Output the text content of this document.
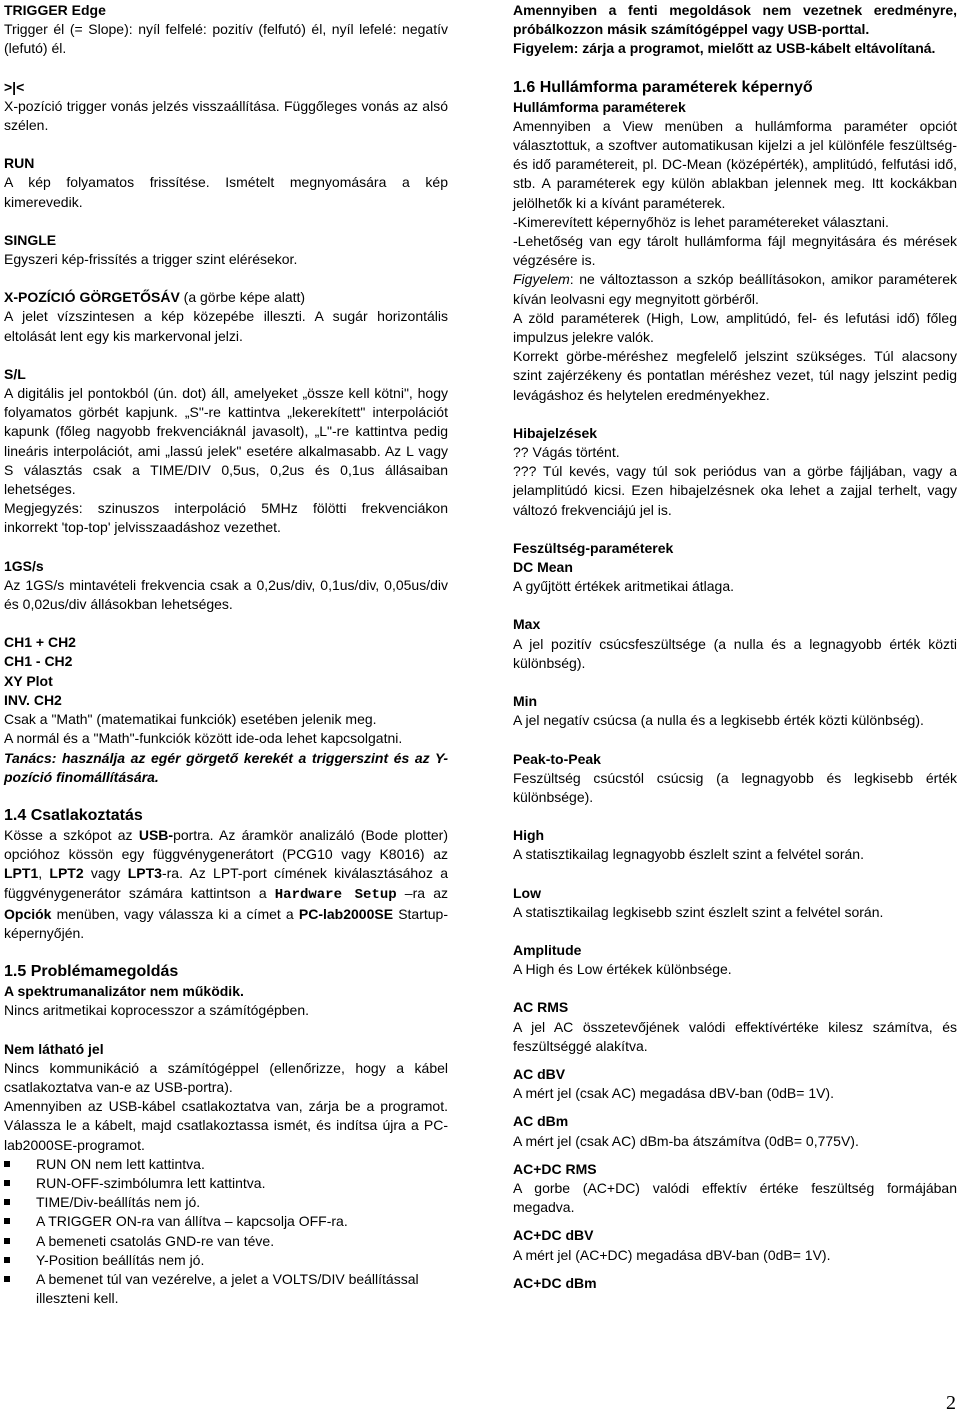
TRIGGER Edge

Trigger él (= Slope): nyíl felfelé: pozitív (felfutó) él, nyíl lefelé: negatív (lefutó) él.

>|<

X-pozíció trigger vonás jelzés visszaállítása. Függőleges vonás az alsó szélen.

RUN

A kép folyamatos frissítése. Ismételt megnyomására a kép kimerevedik.

SINGLE

Egyszeri kép-frissítés a trigger szint elérésekor.

X-POZÍCIÓ GÖRGETŐSÁV (a görbe képe alatt)

A jelet vízszintesen a kép közepébe illeszti. A sugár horizontális eltolását lent egy kis markervonal jelzi.

S/L

A digitális jel pontokból (ún. dot) áll, amelyeket „össze kell kötni", hogy folyamatos görbét kapjunk. „S"-re kattintva „lekerekített" interpolációt kapunk (főleg nagyobb frekvenciáknál javasolt), „L"-re kattintva pedig lineáris interpolációt, ami „lassú jelek" esetére alkalmasabb. Az L vagy S választás csak a TIME/DIV 0,5us, 0,2us és 0,1us állásaiban lehetséges.

Megjegyzés: szinuszos interpoláció 5MHz fölötti frekvenciákon inkorrekt 'top-top' jelvisszaadáshoz vezethet.

1GS/s

Az 1GS/s mintavételi frekvencia csak a 0,2us/div, 0,1us/div, 0,05us/div és 0,02us/div állásokban lehetséges.

CH1 + CH2

CH1 - CH2

XY Plot

INV. CH2

Csak a "Math" (matematikai funkciók) esetében jelenik meg.

A normál és a "Math"-funkciók között ide-oda lehet kapcsolgatni.

Tanács: használja az egér görgető kerekét a triggerszint és az Y-pozíció finomállítására.

1.4 Csatlakoztatás

Kösse a szkópot az USB-portra. Az áramkör analizáló (Bode plotter) opcióhoz kössön egy függvénygenerátort (PCG10 vagy K8016) az LPT1, LPT2 vagy LPT3-ra. Az LPT-port címének kiválasztásához a függvénygenerátor számára kattintson a Hardware Setup –ra az Opciók menüben, vagy válassza ki a címet a PC-lab2000SE Startup-képernyőjén.

1.5 Problémamegoldás

A spektrumanalizátor nem működik.

Nincs aritmetikai koprocesszor a számítógépben.

Nem látható jel

Nincs kommunikáció a számítógéppel (ellenőrizze, hogy a kábel csatlakoztatva van-e az USB-portra).

Amennyiben az USB-kábel csatlakoztatva van, zárja be a programot. Válassza le a kábelt, majd csatlakoztassa ismét, és indítsa újra a PC-lab2000SE-programot.

RUN ON nem lett kattintva.
RUN-OFF-szimbólumra lett kattintva.
TIME/Div-beállítás nem jó.
A TRIGGER ON-ra van állítva – kapcsolja OFF-ra.
A bemeneti csatolás GND-re van téve.
Y-Position beállítás nem jó.
A bemenet túl van vezérelve, a jelet a VOLTS/DIV beállítással illeszteni kell.

Amennyiben a fenti megoldások nem vezetnek eredményre, próbálkozzon másik számítógéppel vagy USB-porttal.

Figyelem: zárja a programot, mielőtt az USB-kábelt eltávolítaná.

1.6 Hullámforma paraméterek képernyő

Hullámforma paraméterek

Amennyiben a View menüben a hullámforma paraméter opciót választottuk, a szoftver automatikusan kijelzi a jel különféle feszültség- és idő paramétereit, pl. DC-Mean (középérték), amplitúdó, felfutási idő, stb. A paraméterek egy külön ablakban jelennek meg. Itt kockákban jelölhetők ki a kívánt paraméterek.

-Kimerevített képernyőhöz is lehet paramétereket választani.

-Lehetőség van egy tárolt hullámforma fájl megnyitására és mérések végzésére is.

Figyelem: ne változtasson a szkóp beállításokon, amikor paraméterek kíván leolvasni egy megnyitott görbéről.

A zöld paraméterek (High, Low, amplitúdó, fel- és lefutási idő) főleg impulzus jelekre valók.

Korrekt görbe-méréshez megfelelő jelszint szükséges. Túl alacsony szint zajérzékeny és pontatlan méréshez vezet, túl nagy jelszint pedig levágáshoz és helytelen eredményekhez.

Hibajelzések

?? Vágás történt.

??? Túl kevés, vagy túl sok periódus van a görbe fájljában, vagy a jelamplitúdó kicsi. Ezen hibajelzésnek oka lehet a zajjal terhelt, vagy változó frekvenciájú jel is.

Feszültség-paraméterek

DC Mean

A gyűjtött értékek aritmetikai átlaga.

Max

A jel pozitív csúcsfeszültsége (a nulla és a legnagyobb érték közti különbség).

Min

A jel negatív csúcsa (a nulla és a legkisebb érték közti különbség).

Peak-to-Peak

Feszültség csúcstól csúcsig (a legnagyobb és legkisebb érték különbsége).

High

A statisztikailag legnagyobb észlelt szint a felvétel során.

Low

A statisztikailag legkisebb szint észlelt szint a felvétel során.

Amplitude

A High és Low értékek különbsége.

AC RMS

A jel AC összetevőjének valódi effektívértéke kilesz számítva, és feszültséggé alakítva.

AC dBV

A mért jel (csak AC) megadása dBV-ban (0dB= 1V).

AC dBm

A mért jel (csak AC) dBm-ba átszámítva (0dB= 0,775V).

AC+DC RMS

A gorbe (AC+DC) valódi effektív értéke feszültség formájában megadva.

AC+DC dBV

A mért jel (AC+DC) megadása dBV-ban (0dB= 1V).

AC+DC dBm

2
